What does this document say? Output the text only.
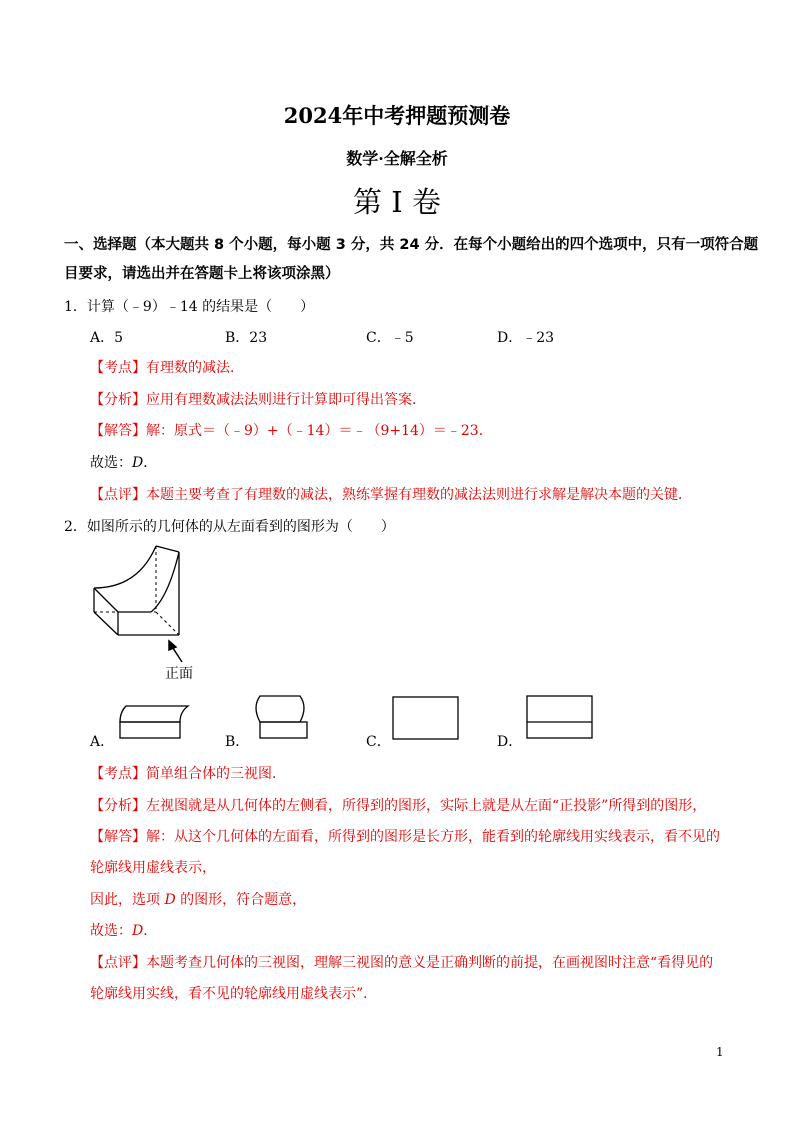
2024年中考押题预测卷
数学·全解全析
第 I 卷
一、选择题（本大题共 8 个小题，每小题 3 分，共 24 分．在每个小题给出的四个选项中，只有一项符合题
目要求，请选出并在答题卡上将该项涂黑）
1．计算（﹣9）﹣14 的结果是（　　）
A．5	B．23	C．﹣5	D．﹣23
【考点】有理数的减法．
【分析】应用有理数减法法则进行计算即可得出答案．
【解答】解：原式＝（﹣9）+（﹣14）＝﹣（9+14）＝﹣23．
故选：D．
【点评】本题主要考查了有理数的减法，熟练掌握有理数的减法法则进行求解是解决本题的关键．
2．如图所示的几何体的从左面看到的图形为（　　）
正面
A．	B．	C．	D．
【考点】简单组合体的三视图．
【分析】左视图就是从几何体的左侧看，所得到的图形，实际上就是从左面“正投影”所得到的图形，
【解答】解：从这个几何体的左面看，所得到的图形是长方形，能看到的轮廓线用实线表示，看不见的
轮廓线用虚线表示，
因此，选项 D 的图形，符合题意，
故选：D．
【点评】本题考查几何体的三视图，理解三视图的意义是正确判断的前提，在画视图时注意“看得见的
轮廓线用实线，看不见的轮廓线用虚线表示”．
1
